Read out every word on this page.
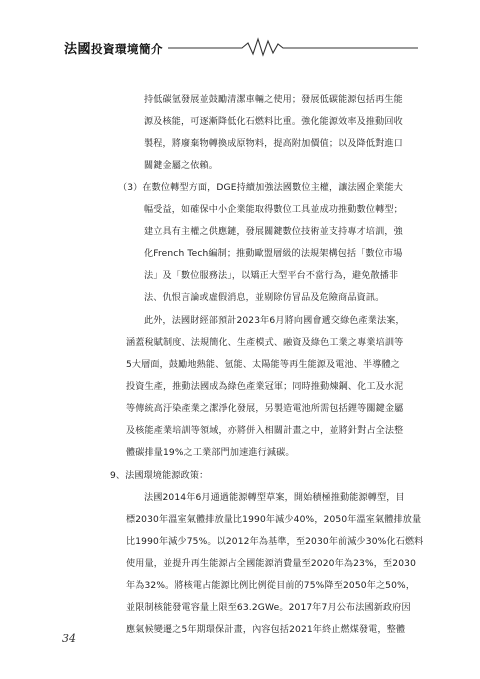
法國投資環境簡介
持低碳氫發展並鼓勵清潔車輛之使用；發展低碳能源包括再生能
源及核能，可逐漸降低化石燃料比重。強化能源效率及推動回收
製程，將廢棄物轉換成原物料，提高附加價值；以及降低對進口
關鍵金屬之依賴。
（3）在數位轉型方面，DGE持續加強法國數位主權，讓法國企業能大
幅受益，如確保中小企業能取得數位工具並成功推動數位轉型；
建立具有主權之供應鏈，發展關鍵數位技術並支持專才培訓，強
化French Tech編制；推動歐盟層級的法規架構包括「數位市場
法」及「數位服務法」，以矯正大型平台不當行為，避免散播非
法、仇恨言論或虛假消息，並剔除仿冒品及危險商品資訊。
此外，法國財經部預計2023年6月將向國會遞交綠色產業法案，
涵蓋稅賦制度、法規簡化、生產模式、融資及綠色工業之專業培訓等
5大層面，鼓勵地熱能、氫能、太陽能等再生能源及電池、半導體之
投資生產，推動法國成為綠色產業冠軍；同時推動煉鋼、化工及水泥
等傳統高汙染產業之潔淨化發展，另製造電池所需包括鋰等關鍵金屬
及核能產業培訓等領域，亦將併入相關計畫之中，並將針對占全法整
體碳排量19%之工業部門加速進行減碳。
9、法國環境能源政策：
法國2014年6月通過能源轉型草案，開始積極推動能源轉型，目
標2030年溫室氣體排放量比1990年減少40%，2050年溫室氣體排放量
比1990年減少75%。以2012年為基準，至2030年前減少30%化石燃料
使用量，並提升再生能源占全國能源消費量至2020年為23%，至2030
年為32%。將核電占能源比例比例從目前的75%降至2050年之50%，
並限制核能發電容量上限至63.2GWe。2017年7月公布法國新政府因
應氣候變遷之5年期環保計畫，內容包括2021年終止燃煤發電，整體
34
